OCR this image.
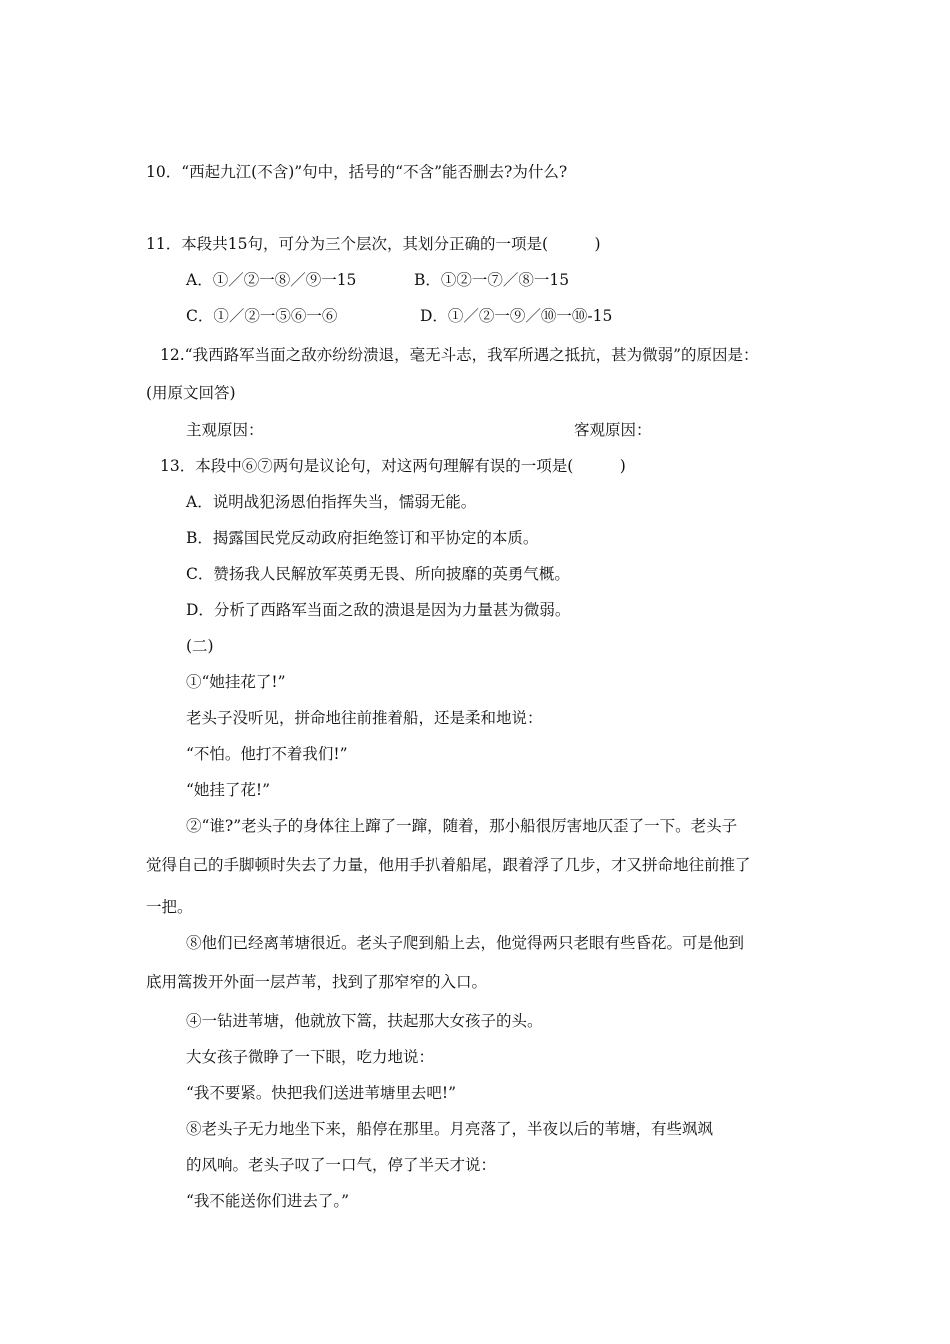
10．“西起九江(不含)”句中，括号的“不含”能否删去?为什么?
11．本段共15句，可分为三个层次，其划分正确的一项是(　　　)
A．①／②一⑧／⑨一15	B．①②一⑦／⑧一15
C．①／②一⑤⑥一⑥	D．①／②一⑨／⑩一⑩-15
12.“我西路军当面之敌亦纷纷溃退，毫无斗志，我军所遇之抵抗，甚为微弱”的原因是：
(用原文回答)
主观原因：	客观原因：
13．本段中⑥⑦两句是议论句，对这两句理解有误的一项是(　　　)
A．说明战犯汤恩伯指挥失当，懦弱无能。
B．揭露国民党反动政府拒绝签订和平协定的本质。
C．赞扬我人民解放军英勇无畏、所向披靡的英勇气概。
D．分析了西路军当面之敌的溃退是因为力量甚为微弱。
(二)
①“她挂花了!”
老头子没听见，拼命地往前推着船，还是柔和地说：
“不怕。他打不着我们!”
“她挂了花!”
②“谁?”老头子的身体往上蹿了一蹿，随着，那小船很厉害地仄歪了一下。老头子
觉得自己的手脚顿时失去了力量，他用手扒着船尾，跟着浮了几步，才又拼命地往前推了
一把。
⑧他们已经离苇塘很近。老头子爬到船上去，他觉得两只老眼有些昏花。可是他到
底用篙拨开外面一层芦苇，找到了那窄窄的入口。
④一钻进苇塘，他就放下篙，扶起那大女孩子的头。
大女孩子微睁了一下眼，吃力地说：
“我不要紧。快把我们送进苇塘里去吧!”
⑧老头子无力地坐下来，船停在那里。月亮落了，半夜以后的苇塘，有些飒飒
的风响。老头子叹了一口气，停了半天才说：
“我不能送你们进去了。”
